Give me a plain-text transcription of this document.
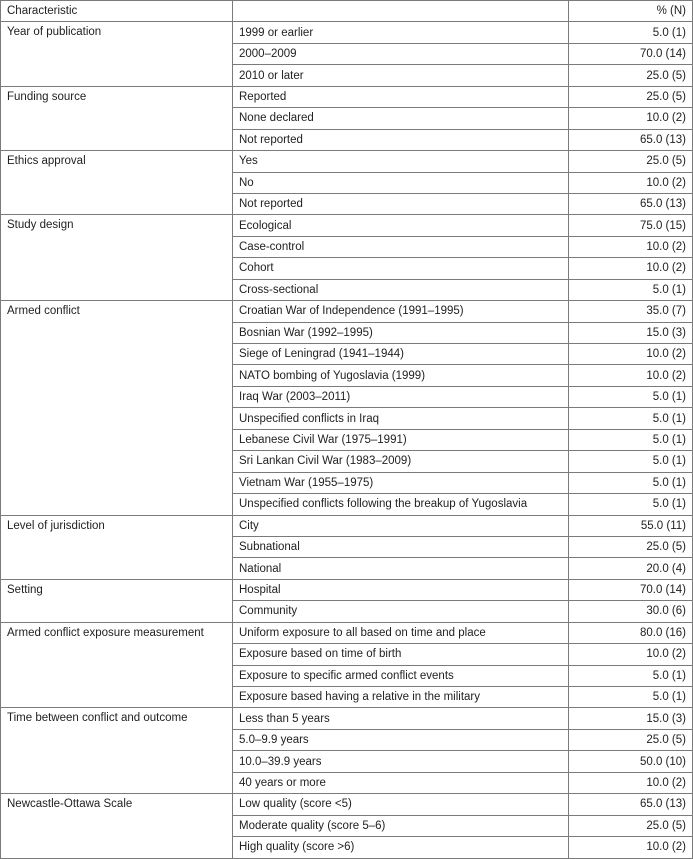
Characteristic		% (N)
Year of publication	1999 or earlier	5.0 (1)
	2000–2009	70.0 (14)
	2010 or later	25.0 (5)
Funding source	Reported	25.0 (5)
	None declared	10.0 (2)
	Not reported	65.0 (13)
Ethics approval	Yes	25.0 (5)
	No	10.0 (2)
	Not reported	65.0 (13)
Study design	Ecological	75.0 (15)
	Case-control	10.0 (2)
	Cohort	10.0 (2)
	Cross-sectional	5.0 (1)
Armed conflict	Croatian War of Independence (1991–1995)	35.0 (7)
	Bosnian War (1992–1995)	15.0 (3)
	Siege of Leningrad (1941–1944)	10.0 (2)
	NATO bombing of Yugoslavia (1999)	10.0 (2)
	Iraq War (2003–2011)	5.0 (1)
	Unspecified conflicts in Iraq	5.0 (1)
	Lebanese Civil War (1975–1991)	5.0 (1)
	Sri Lankan Civil War (1983–2009)	5.0 (1)
	Vietnam War (1955–1975)	5.0 (1)
	Unspecified conflicts following the breakup of Yugoslavia	5.0 (1)
Level of jurisdiction	City	55.0 (11)
	Subnational	25.0 (5)
	National	20.0 (4)
Setting	Hospital	70.0 (14)
	Community	30.0 (6)
Armed conflict exposure measurement	Uniform exposure to all based on time and place	80.0 (16)
	Exposure based on time of birth	10.0 (2)
	Exposure to specific armed conflict events	5.0 (1)
	Exposure based having a relative in the military	5.0 (1)
Time between conflict and outcome	Less than 5 years	15.0 (3)
	5.0–9.9 years	25.0 (5)
	10.0–39.9 years	50.0 (10)
	40 years or more	10.0 (2)
Newcastle-Ottawa Scale	Low quality (score <5)	65.0 (13)
	Moderate quality (score 5–6)	25.0 (5)
	High quality (score >6)	10.0 (2)
